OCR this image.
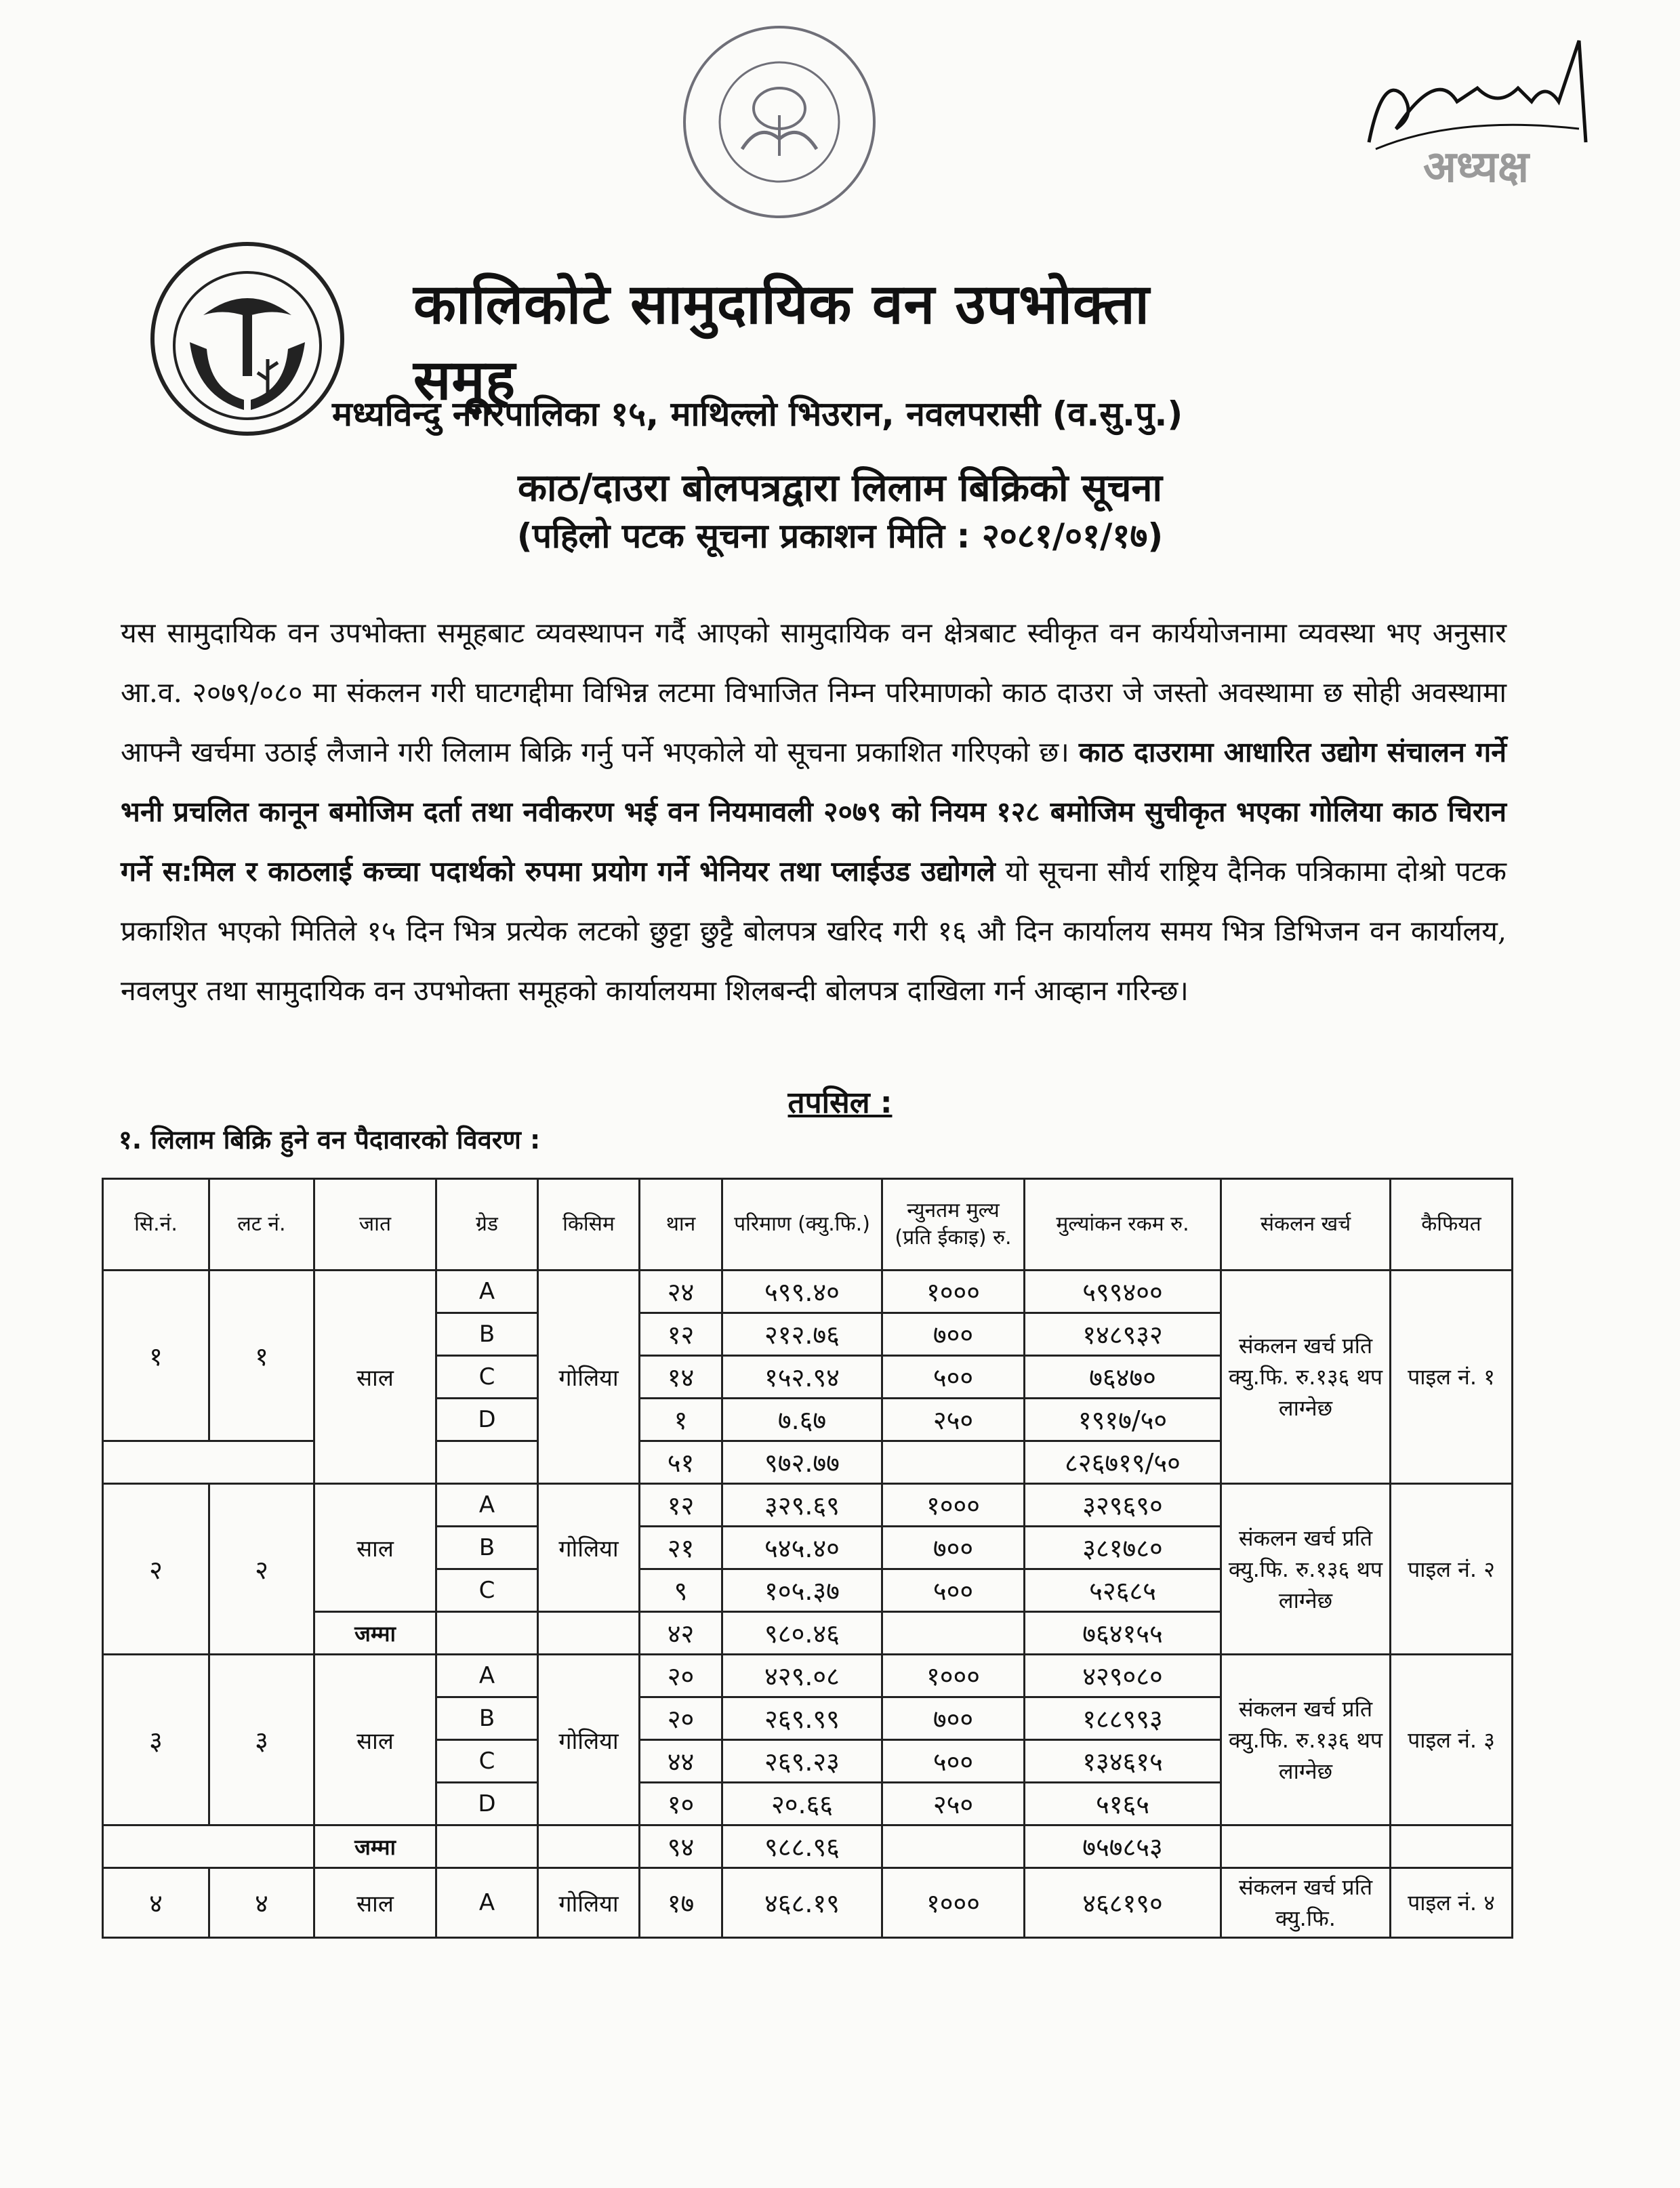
अध्यक्ष
कालिकोटे सामुदायिक वन उपभोक्ता समूह
मध्यविन्दु नगरपालिका १५, माथिल्लो भिउरान, नवलपरासी (व.सु.पु.)
काठ/दाउरा बोलपत्रद्वारा लिलाम बिक्रिको सूचना
(पहिलो पटक सूचना प्रकाशन मिति : २०८१/०१/१७)
यस सामुदायिक वन उपभोक्ता समूहबाट व्यवस्थापन गर्दै आएको सामुदायिक वन क्षेत्रबाट स्वीकृत वन कार्ययोजनामा व्यवस्था भए अनुसार आ.व. २०७९/०८० मा संकलन गरी घाटगद्दीमा विभिन्न लटमा विभाजित निम्न परिमाणको काठ दाउरा जे जस्तो अवस्थामा छ सोही अवस्थामा आफ्नै खर्चमा उठाई लैजाने गरी लिलाम बिक्रि गर्नु पर्ने भएकोले यो सूचना प्रकाशित गरिएको छ। काठ दाउरामा आधारित उद्योग संचालन गर्ने भनी प्रचलित कानून बमोजिम दर्ता तथा नवीकरण भई वन नियमावली २०७९ को नियम १२८ बमोजिम सुचीकृत भएका गोलिया काठ चिरान गर्ने स:मिल र काठलाई कच्चा पदार्थको रुपमा प्रयोग गर्ने भेनियर तथा प्लाईउड उद्योगले यो सूचना सौर्य राष्ट्रिय दैनिक पत्रिकामा दोश्रो पटक प्रकाशित भएको मितिले १५ दिन भित्र प्रत्येक लटको छुट्टा छुट्टै बोलपत्र खरिद गरी १६ औ दिन कार्यालय समय भित्र डिभिजन वन कार्यालय, नवलपुर तथा सामुदायिक वन उपभोक्ता समूहको कार्यालयमा शिलबन्दी बोलपत्र दाखिला गर्न आव्हान गरिन्छ।
तपसिल :
१. लिलाम बिक्रि हुने वन पैदावारको विवरण :
सि.नं.	लट नं.	जात	ग्रेड	किसिम	थान	परिमाण (क्यु.फि.)	न्युनतम मुल्य (प्रति ईकाइ) रु.	मुल्यांकन रकम रु.	संकलन खर्च	कैफियत
१	१	साल	A	गोलिया	२४	५९९.४०	१०००	५९९४००	संकलन खर्च प्रति क्यु.फि. रु.१३६ थप लाग्नेछ	पाइल नं. १
			B		१२	२१२.७६	७००	१४८९३२		
			C		१४	१५२.९४	५००	७६४७०		
			D		१	७.६७	२५०	१९१७/५०		
					५१	९७२.७७		८२६७१९/५०		
२	२	साल	A	गोलिया	१२	३२९.६९	१०००	३२९६९०	संकलन खर्च प्रति क्यु.फि. रु.१३६ थप लाग्नेछ	पाइल नं. २
			B		२१	५४५.४०	७००	३८१७८०		
			C		९	१०५.३७	५००	५२६८५		
		जम्मा			४२	९८०.४६		७६४१५५		
३	३	साल	A	गोलिया	२०	४२९.०८	१०००	४२९०८०	संकलन खर्च प्रति क्यु.फि. रु.१३६ थप लाग्नेछ	पाइल नं. ३
			B		२०	२६९.९९	७००	१८८९९३		
			C		४४	२६९.२३	५००	१३४६१५		
			D		१०	२०.६६	२५०	५१६५		
		जम्मा			९४	९८८.९६		७५७८५३		
४	४	साल	A	गोलिया	१७	४६८.१९	१०००	४६८१९०	संकलन खर्च प्रति क्यु.फि.	पाइल नं. ४
